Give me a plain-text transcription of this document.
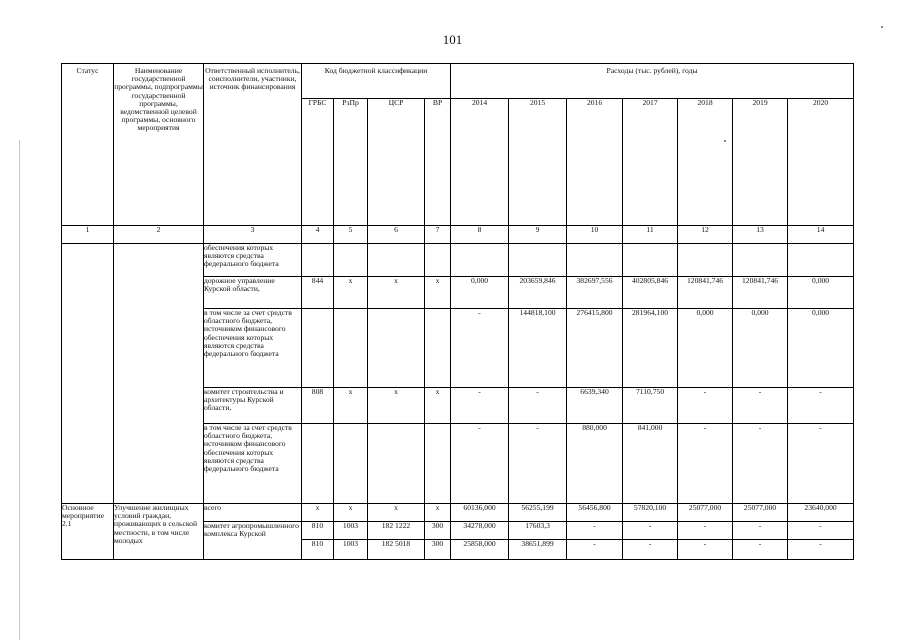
101
Статус	Наименование государственной программы, подпрограммы государственной программы, ведомственной целевой программы, основного мероприятия	Ответственный исполнитель, соисполнители, участники, источник финансирования	Код бюджетной классификации				Расходы (тыс. рублей), годы						
			ГРБС	РзПр	ЦСР	ВР	2014	2015	2016	2017	2018	2019	2020
1	2	3	4	5	6	7	8	9	10	11	12	13	14
		обеспечения которых являются средства федерального бюджета											
		дорожное управление Курской области,	844	х	х	х	0,000	203659,846	382697,556	402805,846	120841,746	120841,746	0,000
		в том числе за счет средств областного бюджета, источником финансового обеспечения которых являются средства федерального бюджета					-	144818,100	276415,800	281964,100	0,000	0,000	0,000
		комитет строительства и архитектуры Курской области,	808	х	х	х	-	-	6639,340	7110,750	-	-	-
		в том числе за счет средств областного бюджета, источником финансового обеспечения которых являются средства федерального бюджета					-	-	880,000	841,000	-	-	-
Основное мероприятие 2.1	Улучшение жилищных условий граждан, проживающих в сельской местности, в том числе молодых	всего	х	х	х	х	60136,000	56255,199	56456,800	57820,100	25077,000	25077,000	23640,000
		комитет агропромышленного комплекса Курской	810	1003	182 1222	300	34278,000	17603,3	-	-	-	-	-
			810	1003	182 5018	300	25858,000	38651,899	-	-	-	-	-
